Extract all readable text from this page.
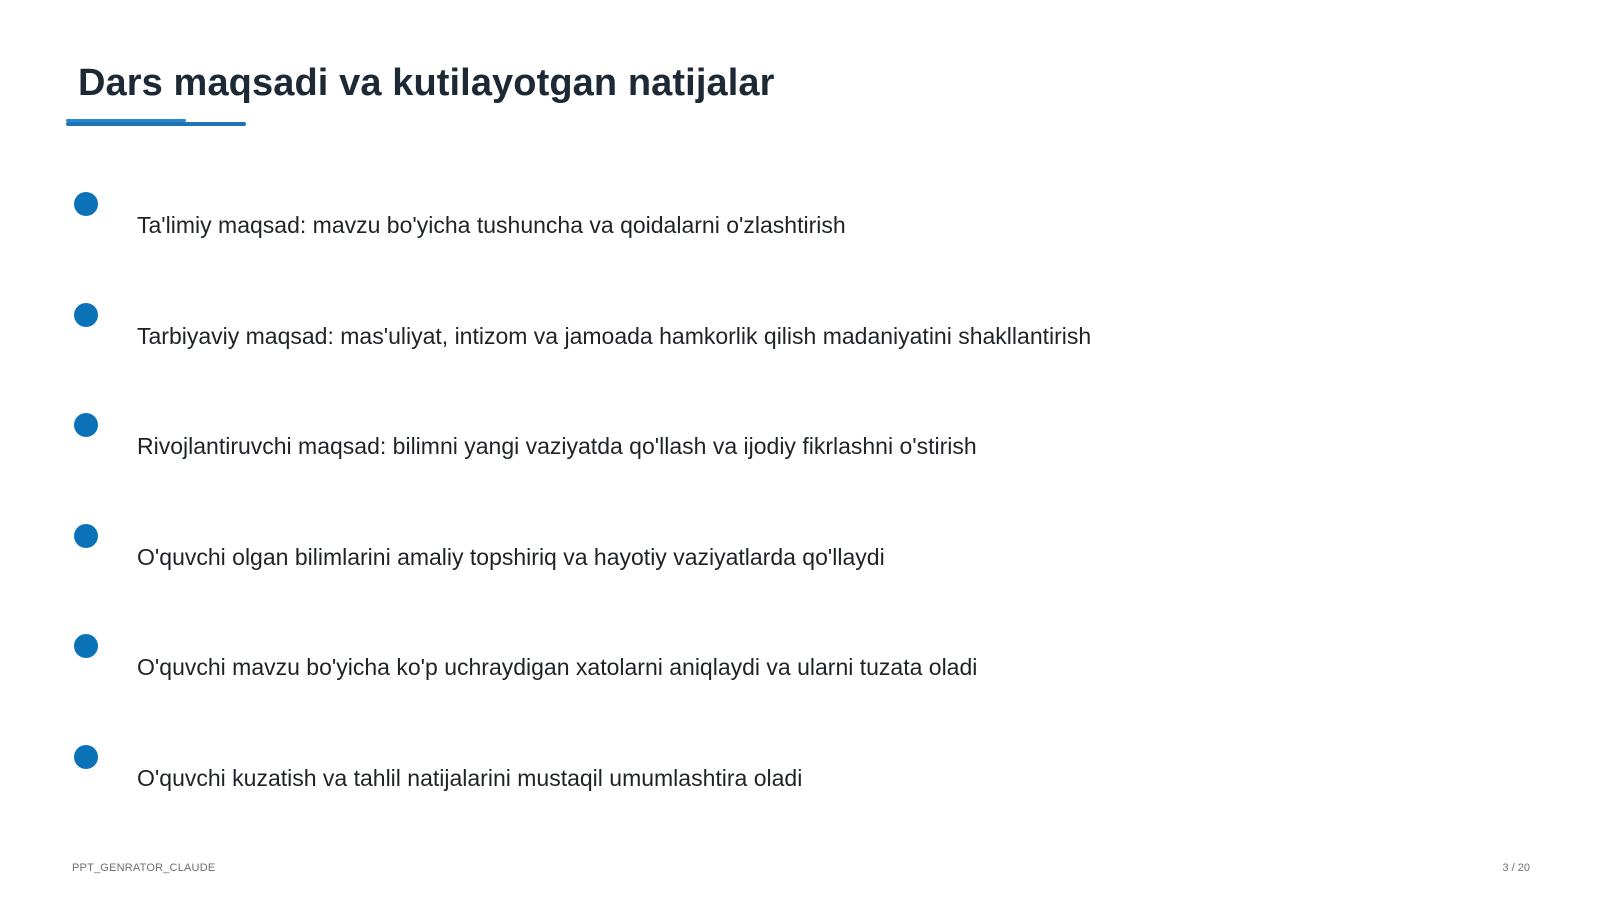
Dars maqsadi va kutilayotgan natijalar
Ta'limiy maqsad: mavzu bo'yicha tushuncha va qoidalarni o'zlashtirish
Tarbiyaviy maqsad: mas'uliyat, intizom va jamoada hamkorlik qilish madaniyatini shakllantirish
Rivojlantiruvchi maqsad: bilimni yangi vaziyatda qo'llash va ijodiy fikrlashni o'stirish
O'quvchi olgan bilimlarini amaliy topshiriq va hayotiy vaziyatlarda qo'llaydi
O'quvchi mavzu bo'yicha ko'p uchraydigan xatolarni aniqlaydi va ularni tuzata oladi
O'quvchi kuzatish va tahlil natijalarini mustaqil umumlashtira oladi
PPT_GENRATOR_CLAUDE	3 / 20
